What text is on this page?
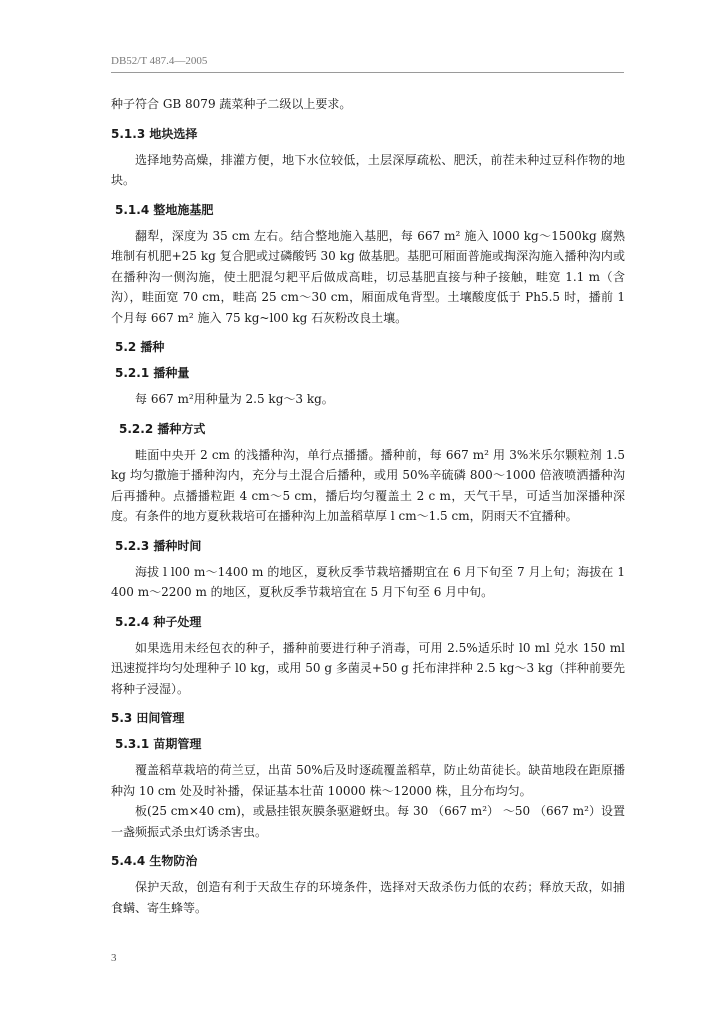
DB52/T 487.4—2005

种子符合 GB 8079 蔬菜种子二级以上要求。

5.1.3 地块选择

选择地势高燥，排灌方便，地下水位较低，土层深厚疏松、肥沃，前茬未种过豆科作物的地块。

5.1.4 整地施基肥

翻犁，深度为 35 cm 左右。结合整地施入基肥，每 667 m² 施入 l000 kg～1500kg 腐熟堆制有机肥+25 kg 复合肥或过磷酸钙 30 kg 做基肥。基肥可厢面普施或掏深沟施入播种沟内或在播种沟一侧沟施，使土肥混匀耙平后做成高畦，切忌基肥直接与种子接触，畦宽 1.1 m（含沟），畦面宽 70 cm，畦高 25 cm～30 cm，厢面成龟背型。土壤酸度低于 Ph5.5 时，播前 1 个月每 667 m² 施入 75 kg~l00 kg 石灰粉改良土壤。

5.2 播种

5.2.1 播种量

每 667 m²用种量为 2.5 kg～3 kg。

5.2.2 播种方式

畦面中央开 2 cm 的浅播种沟，单行点播播。播种前，每 667 m² 用 3%米乐尔颗粒剂 1.5 kg 均匀撒施于播种沟内，充分与土混合后播种，或用 50%辛硫磷 800～1000 倍液喷洒播种沟后再播种。点播播粒距 4 cm～5 cm，播后均匀覆盖土 2 c m，天气干旱，可适当加深播种深度。有条件的地方夏秋栽培可在播种沟上加盖稻草厚 l cm～1.5 cm，阴雨天不宜播种。

5.2.3 播种时间

海拔 l l00 m～1400 m 的地区，夏秋反季节栽培播期宜在 6 月下旬至 7 月上旬；海拔在 1400 m～2200 m 的地区，夏秋反季节栽培宜在 5 月下旬至 6 月中旬。

5.2.4 种子处理

如果选用未经包衣的种子，播种前要进行种子消毒，可用 2.5%适乐时 l0 ml 兑水 150 ml 迅速搅拌均匀处理种子 l0 kg，或用 50 g 多菌灵+50 g 托布津拌种 2.5 kg～3 kg（拌种前要先将种子浸湿）。

5.3 田间管理

5.3.1 苗期管理

覆盖稻草栽培的荷兰豆，出苗 50%后及时逐疏覆盖稻草，防止幼苗徒长。缺苗地段在距原播种沟 10 cm 处及时补播，保证基本壮苗 10000 株～12000 株，且分布均匀。

板(25 cm×40 cm)，或悬挂银灰膜条驱避蚜虫。每 30 （667 m²） ～50 （667 m²）设置一盏频振式杀虫灯诱杀害虫。

5.4.4 生物防治

保护天敌，创造有利于天敌生存的环境条件，选择对天敌杀伤力低的农药；释放天敌，如捕食螨、寄生蜂等。

3
